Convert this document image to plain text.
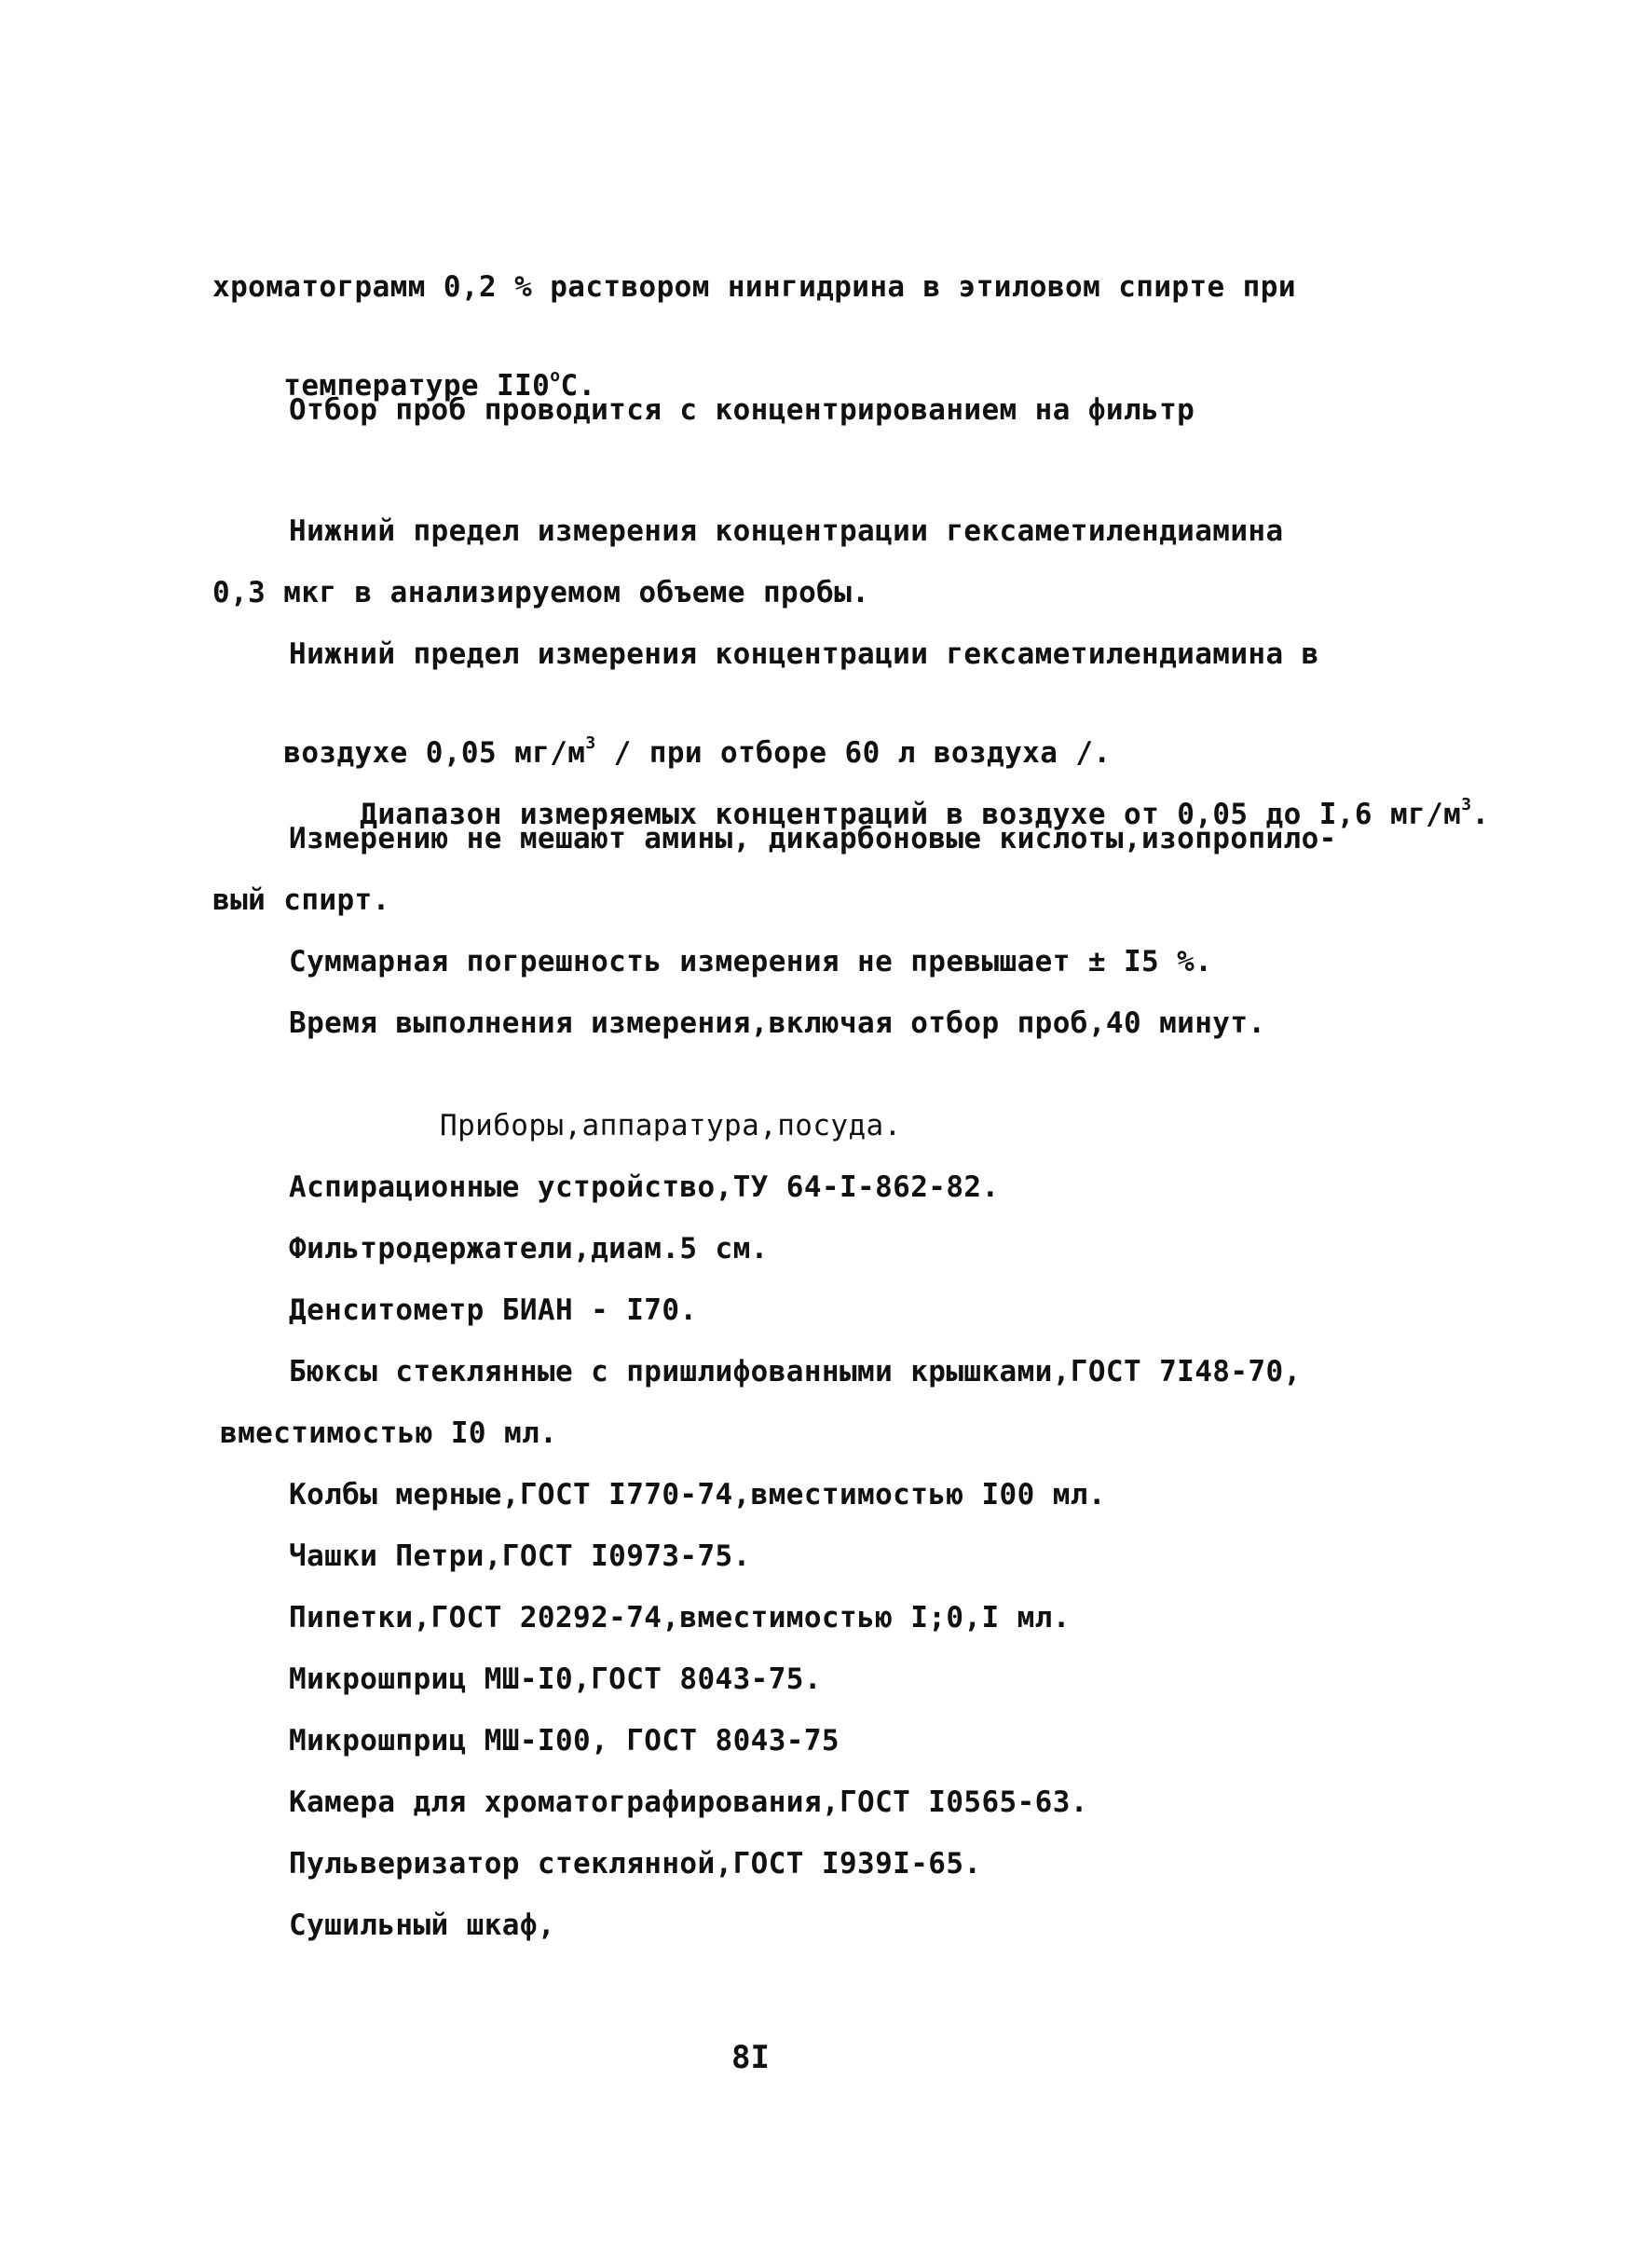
хроматограмм 0,2 % раствором нингидрина в этиловом спирте при

температуре $II0^оС$.

Отбор проб проводится с концентрированием на фильтр
Нижний предел измерения концентрации гексаметилендиамина
0,3 мкг в анализируемом объеме пробы.
Нижний предел измерения концентрации гексаметилендиамина в

воздухе 0,05 $мг/м^3$ / при отборе 60 л воздуха /.

Диапазон измеряемых концентраций в воздухе от 0,05 до I,6 $мг/м^3$.

Измерению не мешают амины, дикарбоновые кислоты,изопропило-
вый спирт.
Суммарная погрешность измерения не превышает ± I5 %.
Время выполнения измерения,включая отбор проб,40 минут.
Приборы,аппаратура,посуда.
Аспирационные устройство,ТУ 64-I-862-82.
Фильтродержатели,диам.5 см.
Денситометр БИАН - I70.
Бюксы стеклянные с пришлифованными крышками,ГОСТ 7I48-70,
вместимостью I0 мл.
Колбы мерные,ГОСТ I770-74,вместимостью I00 мл.
Чашки Петри,ГОСТ I0973-75.
Пипетки,ГОСТ 20292-74,вместимостью I;0,I мл.
Микрошприц МШ-I0,ГОСТ 8043-75.
Микрошприц МШ-I00, ГОСТ 8043-75
Камера для хроматографирования,ГОСТ I0565-63.
Пульверизатор стеклянной,ГОСТ I939I-65.
Сушильный шкаф,
8I
